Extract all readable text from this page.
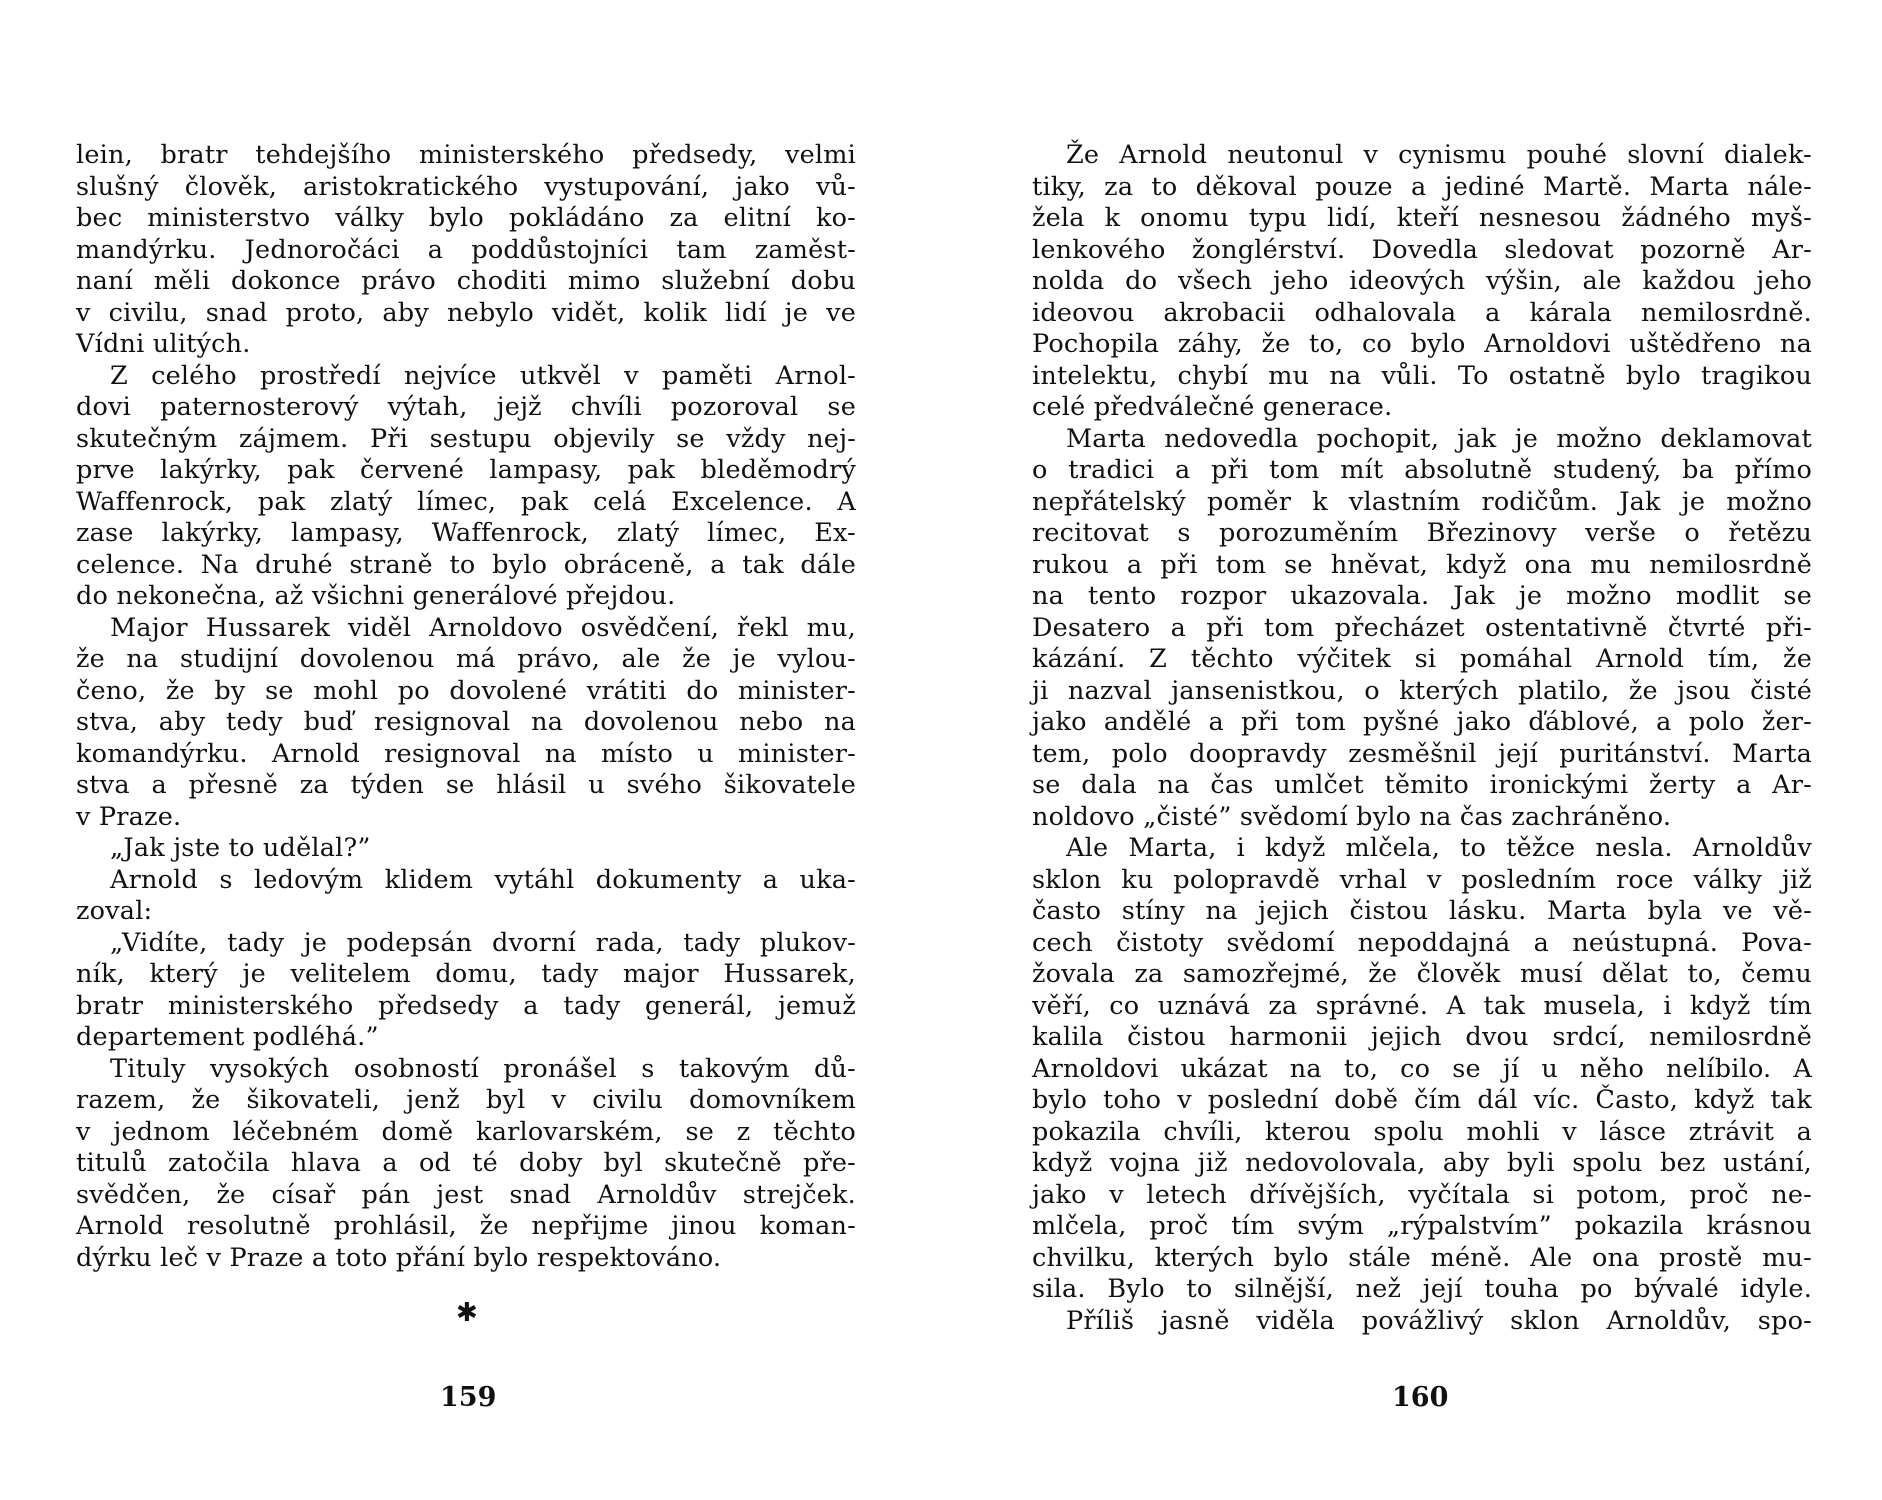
lein, bratr tehdejšího ministerského předsedy, velmi
slušný člověk, aristokratického vystupování, jako vů-
bec ministerstvo války bylo pokládáno za elitní ko-
mandýrku. Jednoročáci a poddůstojníci tam zaměst-
naní měli dokonce právo choditi mimo služební dobu
v civilu, snad proto, aby nebylo vidět, kolik lidí je ve
Vídni ulitých.
Z celého prostředí nejvíce utkvěl v paměti Arnol-
dovi paternosterový výtah, jejž chvíli pozoroval se
skutečným zájmem. Při sestupu objevily se vždy nej-
prve lakýrky, pak červené lampasy, pak bleděmodrý
Waffenrock, pak zlatý límec, pak celá Excelence. A
zase lakýrky, lampasy, Waffenrock, zlatý límec, Ex-
celence. Na druhé straně to bylo obráceně, a tak dále
do nekonečna, až všichni generálové přejdou.
Major Hussarek viděl Arnoldovo osvědčení, řekl mu,
že na studijní dovolenou má právo, ale že je vylou-
čeno, že by se mohl po dovolené vrátiti do minister-
stva, aby tedy buď resignoval na dovolenou nebo na
komandýrku. Arnold resignoval na místo u minister-
stva a přesně za týden se hlásil u svého šikovatele
v Praze.
„Jak jste to udělal?”
Arnold s ledovým klidem vytáhl dokumenty a uka-
zoval:
„Vidíte, tady je podepsán dvorní rada, tady plukov-
ník, který je velitelem domu, tady major Hussarek,
bratr ministerského předsedy a tady generál, jemuž
departement podléhá.”
Tituly vysokých osobností pronášel s takovým dů-
razem, že šikovateli, jenž byl v civilu domovníkem
v jednom léčebném domě karlovarském, se z těchto
titulů zatočila hlava a od té doby byl skutečně pře-
svědčen, že císař pán jest snad Arnoldův strejček.
Arnold resolutně prohlásil, že nepřijme jinou koman-
dýrku leč v Praze a toto přání bylo respektováno.
✱
159
Že Arnold neutonul v cynismu pouhé slovní dialek-
tiky, za to děkoval pouze a jediné Martě. Marta nále-
žela k onomu typu lidí, kteří nesnesou žádného myš-
lenkového žonglérství. Dovedla sledovat pozorně Ar-
nolda do všech jeho ideových výšin, ale každou jeho
ideovou akrobacii odhalovala a kárala nemilosrdně.
Pochopila záhy, že to, co bylo Arnoldovi uštědřeno na
intelektu, chybí mu na vůli. To ostatně bylo tragikou
celé předválečné generace.
Marta nedovedla pochopit, jak je možno deklamovat
o tradici a při tom mít absolutně studený, ba přímo
nepřátelský poměr k vlastním rodičům. Jak je možno
recitovat s porozuměním Březinovy verše o řetězu
rukou a při tom se hněvat, když ona mu nemilosrdně
na tento rozpor ukazovala. Jak je možno modlit se
Desatero a při tom přecházet ostentativně čtvrté při-
kázání. Z těchto výčitek si pomáhal Arnold tím, že
ji nazval jansenistkou, o kterých platilo, že jsou čisté
jako andělé a při tom pyšné jako ďáblové, a polo žer-
tem, polo doopravdy zesměšnil její puritánství. Marta
se dala na čas umlčet těmito ironickými žerty a Ar-
noldovo „čisté” svědomí bylo na čas zachráněno.
Ale Marta, i když mlčela, to těžce nesla. Arnoldův
sklon ku polopravdě vrhal v posledním roce války již
často stíny na jejich čistou lásku. Marta byla ve vě-
cech čistoty svědomí nepoddajná a neústupná. Pova-
žovala za samozřejmé, že člověk musí dělat to, čemu
věří, co uznává za správné. A tak musela, i když tím
kalila čistou harmonii jejich dvou srdcí, nemilosrdně
Arnoldovi ukázat na to, co se jí u něho nelíbilo. A
bylo toho v poslední době čím dál víc. Často, když tak
pokazila chvíli, kterou spolu mohli v lásce ztrávit a
když vojna již nedovolovala, aby byli spolu bez ustání,
jako v letech dřívějších, vyčítala si potom, proč ne-
mlčela, proč tím svým „rýpalstvím” pokazila krásnou
chvilku, kterých bylo stále méně. Ale ona prostě mu-
sila. Bylo to silnější, než její touha po bývalé idyle.
Příliš jasně viděla povážlivý sklon Arnoldův, spo-
160
